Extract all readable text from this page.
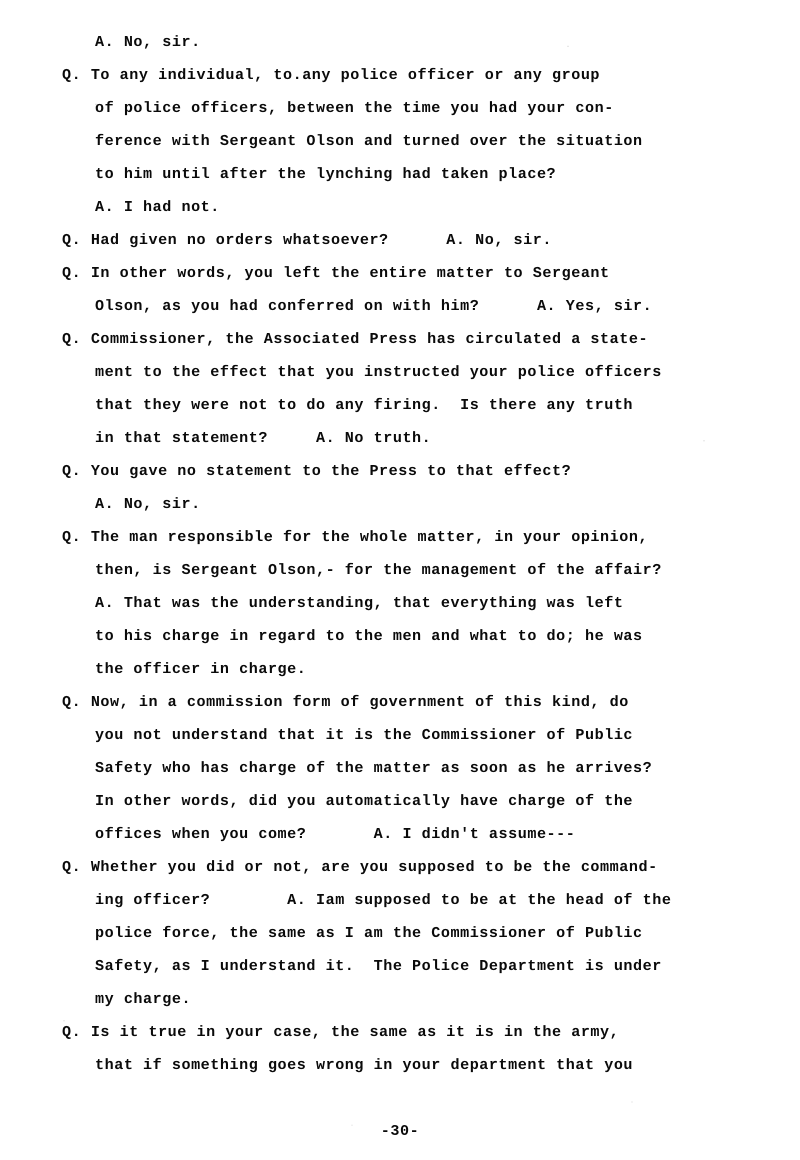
A. No, sir.
Q. To any individual, to.any police officer or any group
of police officers, between the time you had your con-
ference with Sergeant Olson and turned over the situation
to him until after the lynching had taken place?
A. I had not.
Q. Had given no orders whatsoever?      A. No, sir.
Q. In other words, you left the entire matter to Sergeant
Olson, as you had conferred on with him?      A. Yes, sir.
Q. Commissioner, the Associated Press has circulated a state-
ment to the effect that you instructed your police officers
that they were not to do any firing.  Is there any truth
in that statement?     A. No truth.
Q. You gave no statement to the Press to that effect?
A. No, sir.
Q. The man responsible for the whole matter, in your opinion,
then, is Sergeant Olson,- for the management of the affair?
A. That was the understanding, that everything was left
to his charge in regard to the men and what to do; he was
the officer in charge.
Q. Now, in a commission form of government of this kind, do
you not understand that it is the Commissioner of Public
Safety who has charge of the matter as soon as he arrives?
In other words, did you automatically have charge of the
offices when you come?       A. I didn't assume---
Q. Whether you did or not, are you supposed to be the command-
ing officer?        A. Iam supposed to be at the head of the
police force, the same as I am the Commissioner of Public
Safety, as I understand it.  The Police Department is under
my charge.
Q. Is it true in your case, the same as it is in the army,
that if something goes wrong in your department that you
-30-
